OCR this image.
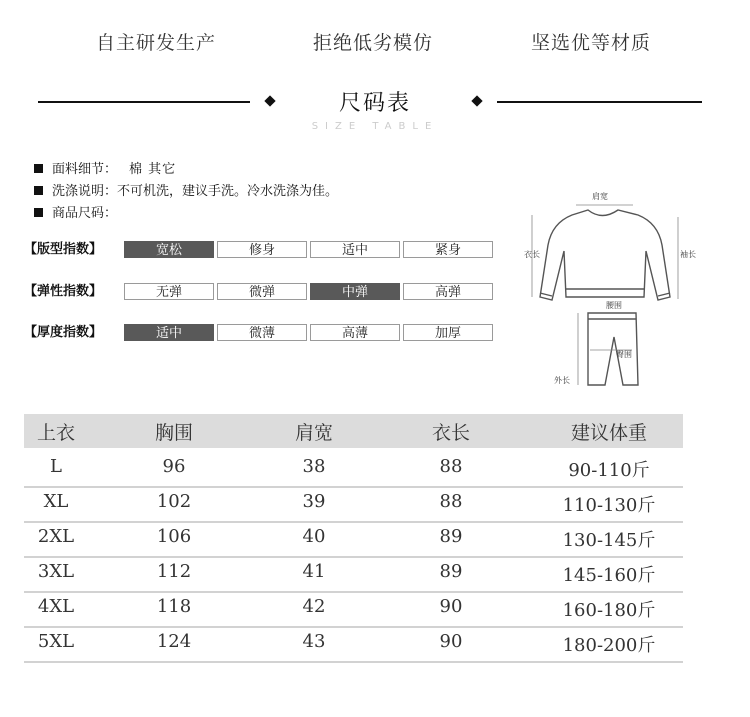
自主研发生产	拒绝低劣模仿	坚选优等材质
尺码表
SIZE TABLE
面料细节： 棉 其它
洗涤说明：不可机洗，建议手洗。冷水洗涤为佳。
商品尺码：
【版型指数】	宽松	修身	适中	紧身
【弹性指数】	无弹	微弹	中弹	高弹
【厚度指数】	适中	微薄	高薄	加厚
肩宽
衣长	袖长
腰围
臀围
外长
上衣	胸围	肩宽	衣长	建议体重
L	96	38	88	90-110斤
XL	102	39	88	110-130斤
2XL	106	40	89	130-145斤
3XL	112	41	89	145-160斤
4XL	118	42	90	160-180斤
5XL	124	43	90	180-200斤
